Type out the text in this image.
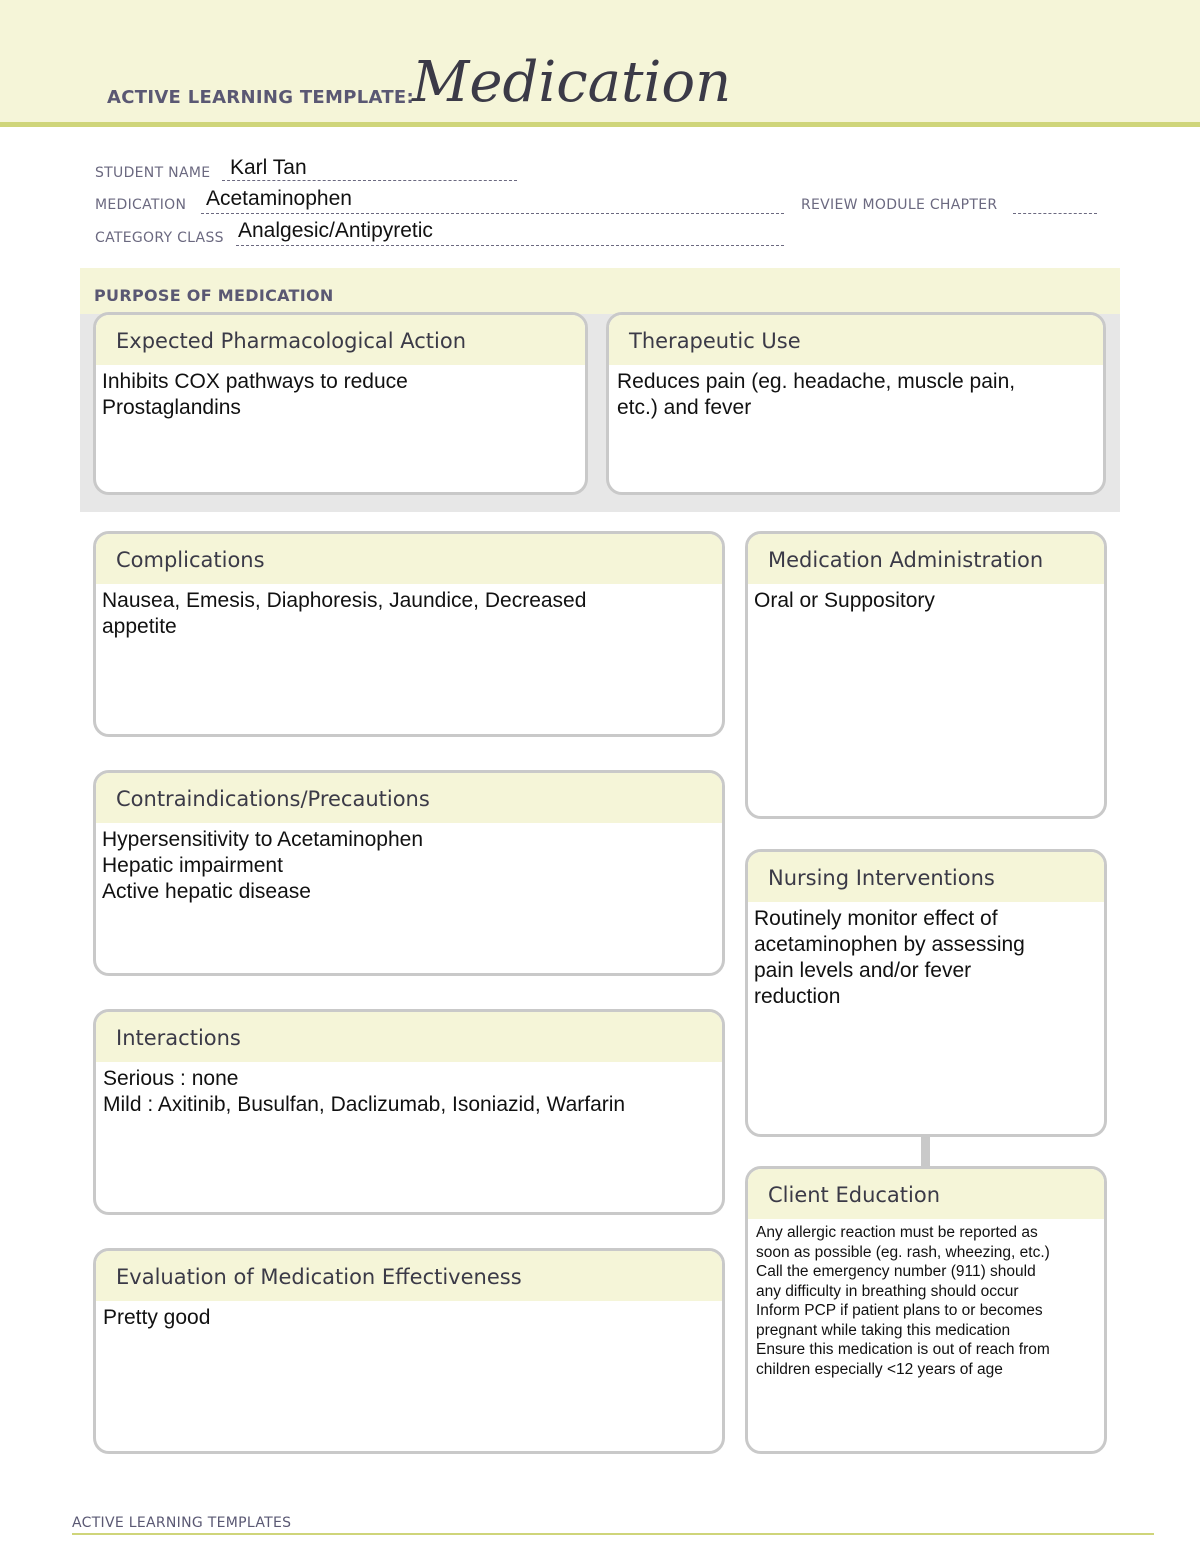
ACTIVE LEARNING TEMPLATE:
Medication
STUDENT NAME Karl Tan
MEDICATION Acetaminophen	REVIEW MODULE CHAPTER
CATEGORY CLASS Analgesic/Antipyretic
PURPOSE OF MEDICATION
Expected Pharmacological Action
Inhibits COX pathways to reduce
Prostaglandins
Therapeutic Use
Reduces pain (eg. headache, muscle pain,
etc.) and fever
Complications
Nausea, Emesis, Diaphoresis, Jaundice, Decreased
appetite
Contraindications/Precautions
Hypersensitivity to Acetaminophen
Hepatic impairment
Active hepatic disease
Interactions
Serious : none
Mild : Axitinib, Busulfan, Daclizumab, Isoniazid, Warfarin
Evaluation of Medication Effectiveness
Pretty good
Medication Administration
Oral or Suppository
Nursing Interventions
Routinely monitor effect of
acetaminophen by assessing
pain levels and/or fever
reduction
Client Education
Any allergic reaction must be reported as
soon as possible (eg. rash, wheezing, etc.)
Call the emergency number (911) should
any difficulty in breathing should occur
Inform PCP if patient plans to or becomes
pregnant while taking this medication
Ensure this medication is out of reach from
children especially <12 years of age
ACTIVE LEARNING TEMPLATES
